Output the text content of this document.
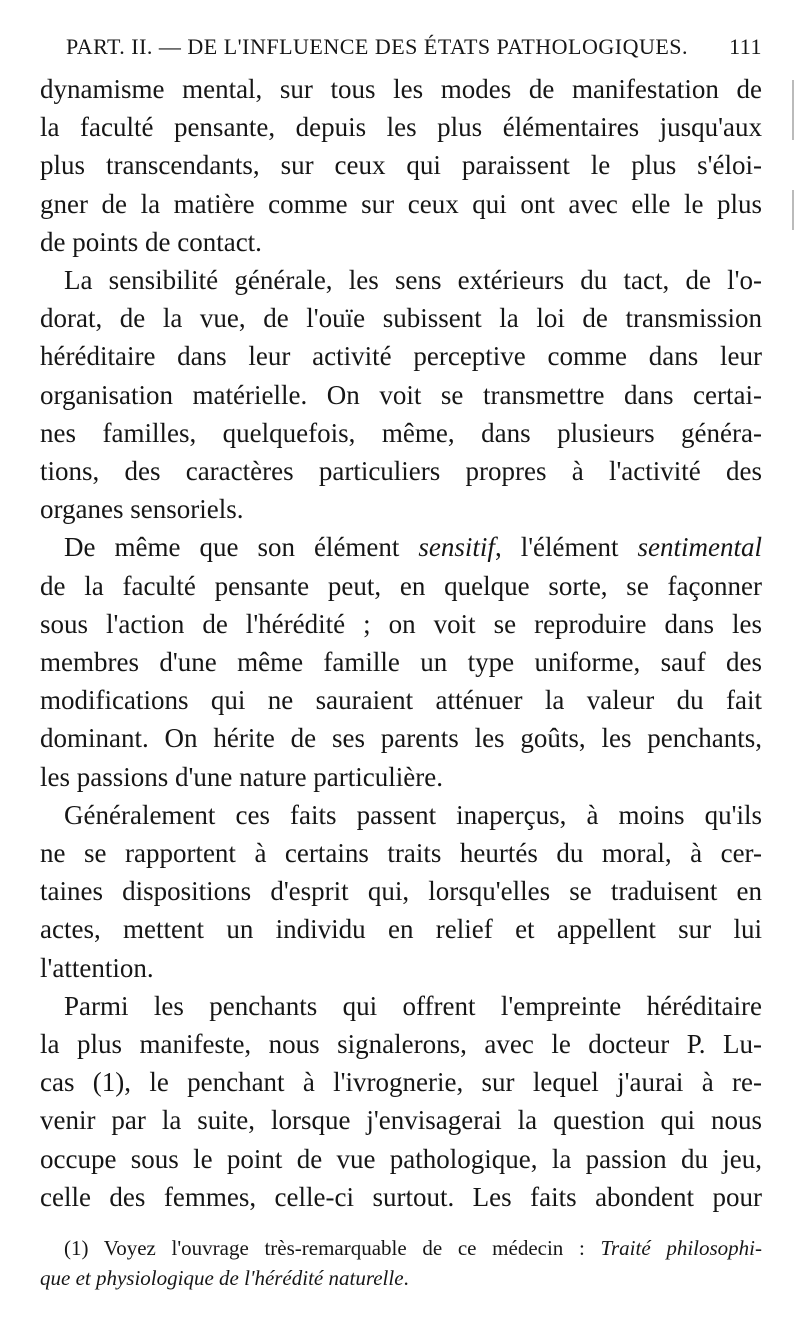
PART. II. — DE L'INFLUENCE DES ÉTATS PATHOLOGIQUES. 111
dynamisme mental, sur tous les modes de manifestation de
la faculté pensante, depuis les plus élémentaires jusqu'aux
plus transcendants, sur ceux qui paraissent le plus s'éloi-
gner de la matière comme sur ceux qui ont avec elle le plus
de points de contact.
La sensibilité générale, les sens extérieurs du tact, de l'o-
dorat, de la vue, de l'ouïe subissent la loi de transmission
héréditaire dans leur activité perceptive comme dans leur
organisation matérielle. On voit se transmettre dans certai-
nes familles, quelquefois, même, dans plusieurs généra-
tions, des caractères particuliers propres à l'activité des
organes sensoriels.
De même que son élément sensitif, l'élément sentimental
de la faculté pensante peut, en quelque sorte, se façonner
sous l'action de l'hérédité ; on voit se reproduire dans les
membres d'une même famille un type uniforme, sauf des
modifications qui ne sauraient atténuer la valeur du fait
dominant. On hérite de ses parents les goûts, les penchants,
les passions d'une nature particulière.
Généralement ces faits passent inaperçus, à moins qu'ils
ne se rapportent à certains traits heurtés du moral, à cer-
taines dispositions d'esprit qui, lorsqu'elles se traduisent en
actes, mettent un individu en relief et appellent sur lui
l'attention.
Parmi les penchants qui offrent l'empreinte héréditaire
la plus manifeste, nous signalerons, avec le docteur P. Lu-
cas (1), le penchant à l'ivrognerie, sur lequel j'aurai à re-
venir par la suite, lorsque j'envisagerai la question qui nous
occupe sous le point de vue pathologique, la passion du jeu,
celle des femmes, celle-ci surtout. Les faits abondent pour
(1) Voyez l'ouvrage très-remarquable de ce médecin : Traité philosophi-
que et physiologique de l'hérédité naturelle.
